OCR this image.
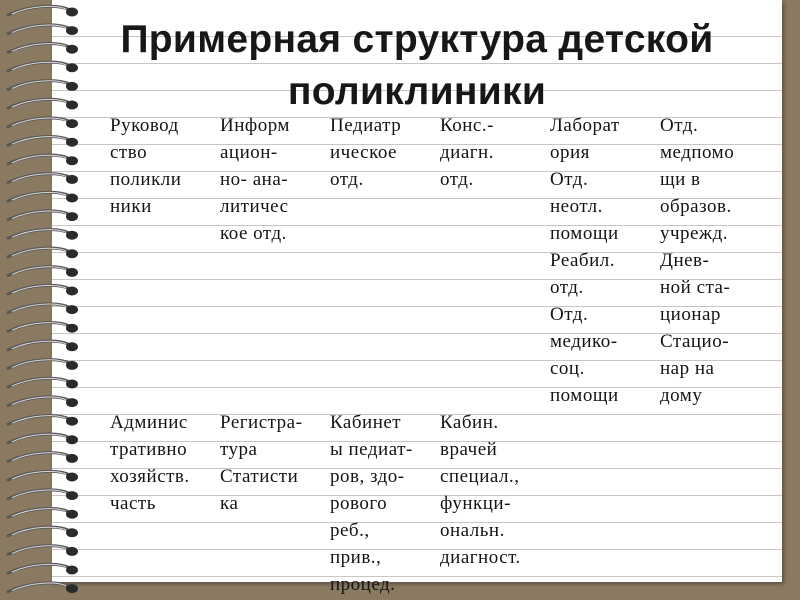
Примерная структура детской
поликлиники
Руковод
ство
поликли
ники
Информ
ацион-
но- ана-
литичес
кое отд.
Педиатр
ическое
отд.
Конс.-
диагн.
отд.
Лаборат
ория
Отд.
неотл.
помощи
Реабил.
отд.
Отд.
медико-
соц.
помощи
Отд.
медпомо
щи в
образов.
учрежд.
Днев-
ной ста-
ционар
Стацио-
нар на
дому
Админис
тративно
хозяйств.
часть
Регистра-
тура
Статисти
ка
Кабинет
ы педиат-
ров, здо-
рового
реб.,
прив.,
процед.
Кабин.
врачей
специал.,
функци-
ональн.
диагност.
